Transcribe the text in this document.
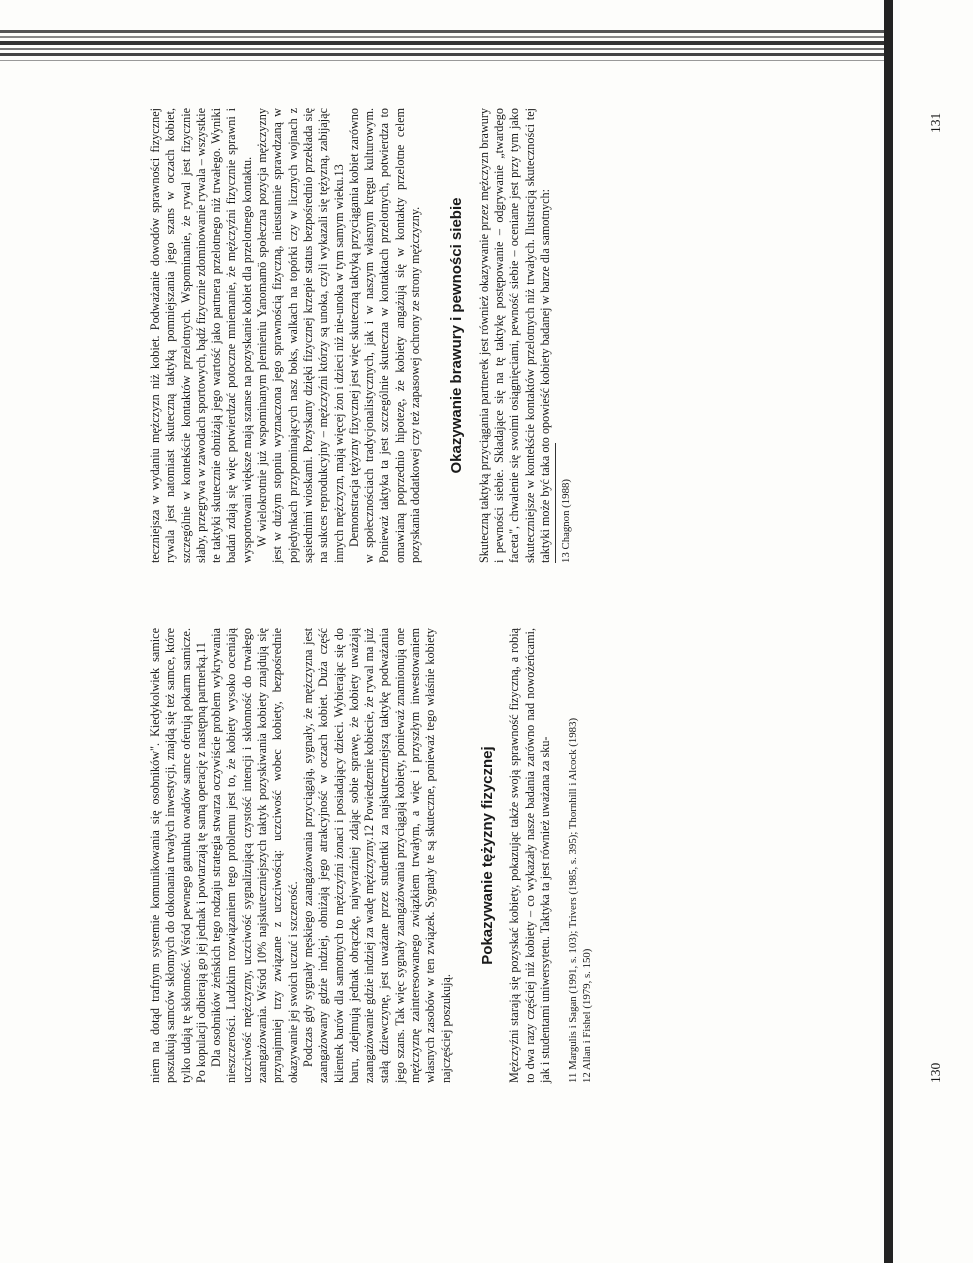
niem na dotąd trafnym systemie komunikowania się osobników". Kiedykolwiek samice poszukują samców skłonnych do dokonania trwałych inwestycji, znajdą się też samce, które tylko udają tę skłonność. Wśród pewnego gatunku owadów samce oferują pokarm samicze. Po kopulacji odbierają go jej jednak i powtarzają tę samą operację z następną partnerką.11 Dla osobników żeńskich tego rodzaju strategia stwarza oczywiście problem wykrywania nieszczerości. Ludzkim rozwiązaniem tego problemu jest to, że kobiety wysoko oceniają uczciwość mężczyzny, uczciwość sygnalizującą czystość intencji i skłonność do trwałego zaangażowania. Wśród 10% najskuteczniejszych taktyk pozyskiwania kobiety znajdują się przynajmniej trzy związane z uczciwością: uczciwość wobec kobiety, bezpośrednie okazywanie jej swoich uczuć i szczerość. Podczas gdy sygnały męskiego zaangażowania przyciągają, sygnały, że mężczyzna jest zaangażowany gdzie indziej, obniżają jego atrakcyjność w oczach kobiet. Duża część klientek barów dla samotnych to mężczyźni żonaci i posiadający dzieci. Wybierając się do baru, zdejmują jednak obrączkę, najwyraźniej zdając sobie sprawę, że kobiety uważają zaangażowanie gdzie indziej za wadę mężczyzny.12 Powiedzenie kobiecie, że rywal ma już stałą dziewczynę, jest uważane przez studentki za najskuteczniejszą taktykę podważania jego szans. Tak więc sygnały zaangażowania przyciągają kobiety, ponieważ znamionują one mężczyznę zainteresowanego związkiem trwałym, a więc i przyszłym inwestowaniem własnych zasobów w ten związek. Sygnały te są skuteczne, ponieważ tego właśnie kobiety najczęściej poszukują.

Pokazywanie tężyzny fizycznej Mężczyźni starają się pozyskać kobiety, pokazując także swoją sprawność fizyczną, a robią to dwa razy częściej niż kobiety – co wykazały nasze badania zarówno nad nowożeńcami, jak i studentami uniwersytetu. Taktyka ta jest również uważana za sku- 11 Margulis i Sagan (1991, s. 103); Trivers (1985, s. 395); Thornhill i Alcock (1983) 12 Allan i Fishel (1979, s. 150)	130

teczniejsza w wydaniu mężczyzn niż kobiet. Podważanie dowodów sprawności fizycznej rywala jest natomiast skuteczną taktyką pomniejszania jego szans w oczach kobiet, szczególnie w kontekście kontaktów przelotnych. Wspominanie, że rywal jest fizycznie słaby, przegrywa w zawodach sportowych, bądź fizycznie zdominowanie rywala – wszystkie te taktyki skutecznie obniżają jego wartość jako partnera przelotnego niż trwałego. Wyniki badań zdają się więc potwierdzać potoczne mniemanie, że mężczyźni fizycznie sprawni i wysportowani większe mają szanse na pozyskanie kobiet dla przelotnego kontaktu. W wielokrotnie już wspominanym plemieniu Yanomamö społeczna pozycja mężczyzny jest w dużym stopniu wyznaczona jego sprawnością fizyczną, nieustannie sprawdzaną w pojedynkach przypominających nasz boks, walkach na topórki czy w licznych wojnach z sąsiednimi wioskami. Pozyskany dzięki fizycznej krzepie status bezpośrednio przekłada się na sukces reprodukcyjny – mężczyźni którzy są unoka, czyli wykazali się tężyzną, zabijając innych mężczyzn, mają więcej żon i dzieci niż nie-unoka w tym samym wieku.13 Demonstracja tężyzny fizycznej jest więc skuteczną taktyką przyciągania kobiet zarówno w społecznościach tradycjonalistycznych, jak i w naszym własnym kręgu kulturowym. Ponieważ taktyka ta jest szczególnie skuteczna w kontaktach przelotnych, potwierdza to omawianą poprzednio hipotezę, że kobiety angażują się w kontakty przelotne celem pozyskania dodatkowej czy też zapasowej ochrony ze strony mężczyzny. Okazywanie brawury i pewności siebie Skuteczną taktyką przyciągania partnerek jest również okazywanie przez mężczyzn brawury i pewności siebie. Składające się na tę taktykę postępowanie – odgrywanie „twardego faceta", chwalenie się swoimi osiągnięciami, pewność siebie – oceniane jest przy tym jako skuteczniejsze w kontekście kontaktów przelotnych niż trwałych. Ilustracją skuteczności tej taktyki może być taka oto opowieść kobiety badanej w barze dla samotnych: 13 Chagnon (1988)
131
